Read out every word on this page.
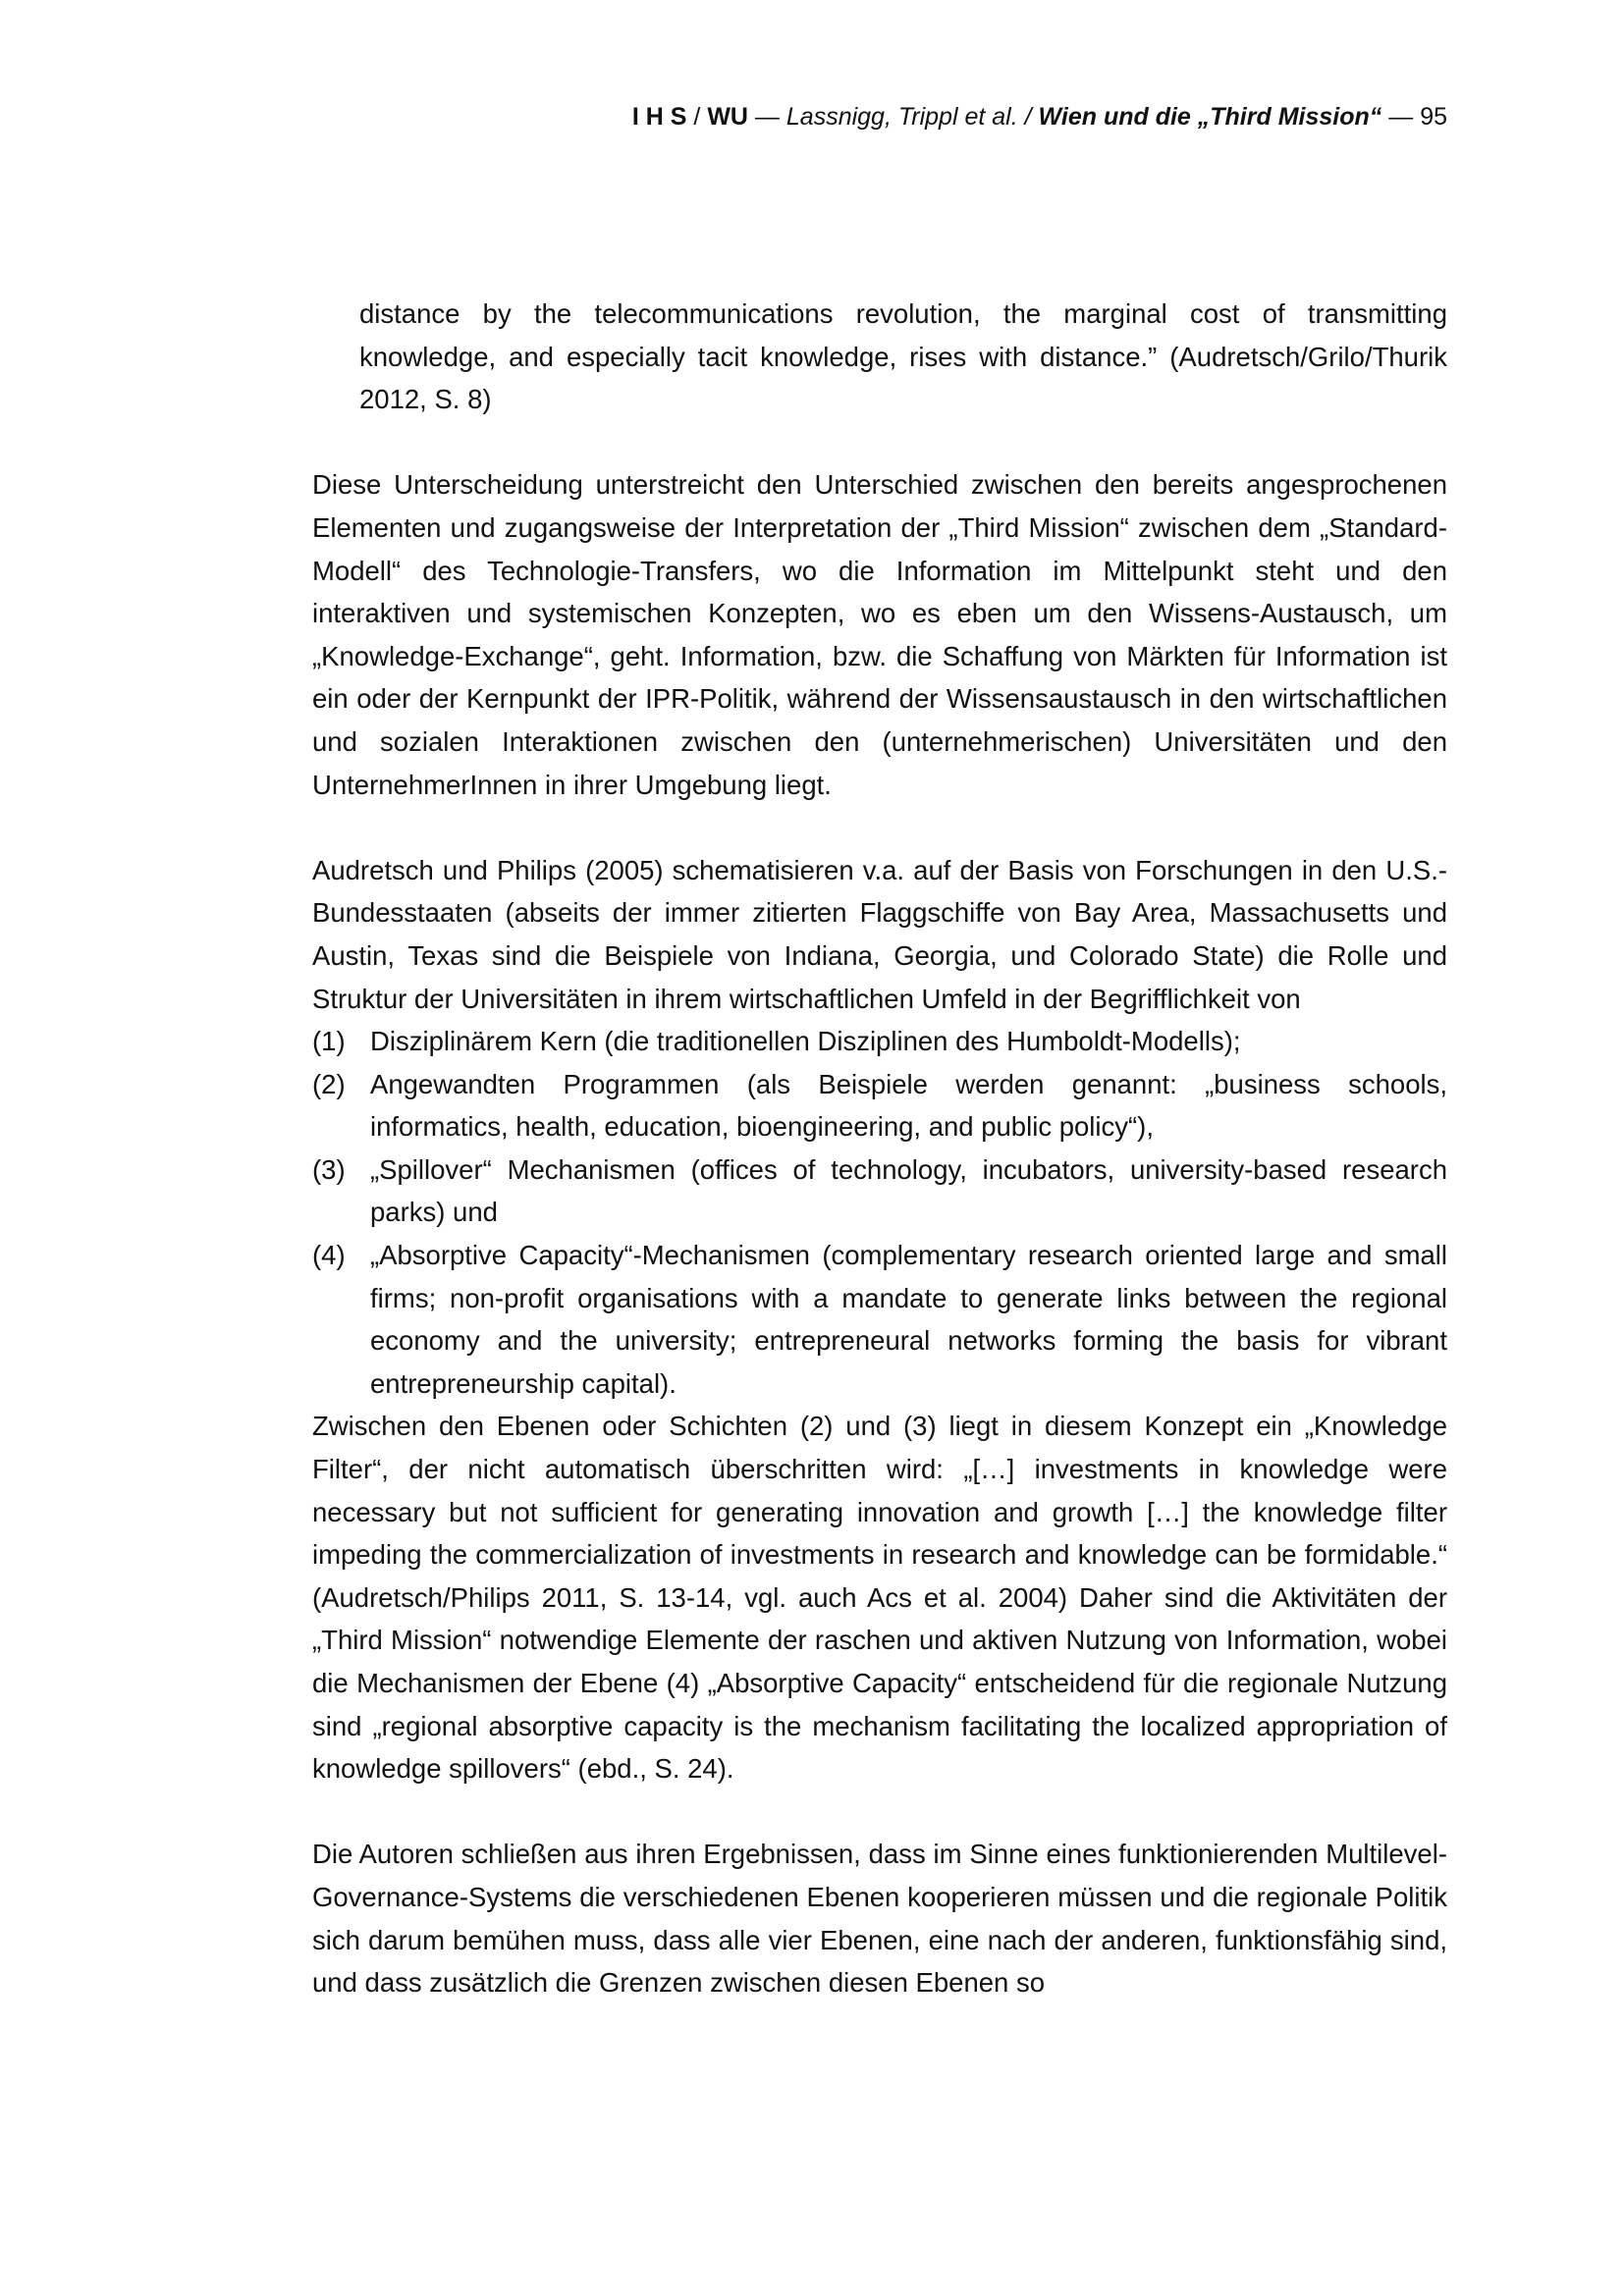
I H S / WU — Lassnigg, Trippl et al. / Wien und die „Third Mission“ — 95

distance by the telecommunications revolution, the marginal cost of transmitting knowledge, and especially tacit knowledge, rises with distance.” (Audretsch/Grilo/Thurik 2012, S. 8)

Diese Unterscheidung unterstreicht den Unterschied zwischen den bereits angesprochenen Elementen und zugangsweise der Interpretation der „Third Mission“ zwischen dem „Standard-Modell“ des Technologie-Transfers, wo die Information im Mittelpunkt steht und den interaktiven und systemischen Konzepten, wo es eben um den Wissens-Austausch, um „Knowledge-Exchange“, geht. Information, bzw. die Schaffung von Märkten für Information ist ein oder der Kernpunkt der IPR-Politik, während der Wissensaustausch in den wirtschaftlichen und sozialen Interaktionen zwischen den (unternehmerischen) Universitäten und den UnternehmerInnen in ihrer Umgebung liegt.

Audretsch und Philips (2005) schematisieren v.a. auf der Basis von Forschungen in den U.S.-Bundesstaaten (abseits der immer zitierten Flaggschiffe von Bay Area, Massachusetts und Austin, Texas sind die Beispiele von Indiana, Georgia, und Colorado State) die Rolle und Struktur der Universitäten in ihrem wirtschaftlichen Umfeld in der Begrifflichkeit von

(1) Disziplinärem Kern (die traditionellen Disziplinen des Humboldt-Modells);
(2) Angewandten Programmen (als Beispiele werden genannt: „business schools, informatics, health, education, bioengineering, and public policy“),
(3) „Spillover“ Mechanismen (offices of technology, incubators, university-based research parks) und
(4) „Absorptive Capacity“-Mechanismen (complementary research oriented large and small firms; non-profit organisations with a mandate to generate links between the regional economy and the university; entrepreneural networks forming the basis for vibrant entrepreneurship capital).

Zwischen den Ebenen oder Schichten (2) und (3) liegt in diesem Konzept ein „Knowledge Filter“, der nicht automatisch überschritten wird: „[…] investments in knowledge were necessary but not sufficient for generating innovation and growth […] the knowledge filter impeding the commercialization of investments in research and knowledge can be formidable.“ (Audretsch/Philips 2011, S. 13-14, vgl. auch Acs et al. 2004) Daher sind die Aktivitäten der „Third Mission“ notwendige Elemente der raschen und aktiven Nutzung von Information, wobei die Mechanismen der Ebene (4) „Absorptive Capacity“ entscheidend für die regionale Nutzung sind „regional absorptive capacity is the mechanism facilitating the localized appropriation of knowledge spillovers“ (ebd., S. 24).

Die Autoren schließen aus ihren Ergebnissen, dass im Sinne eines funktionierenden Multilevel-Governance-Systems die verschiedenen Ebenen kooperieren müssen und die regionale Politik sich darum bemühen muss, dass alle vier Ebenen, eine nach der anderen, funktionsfähig sind, und dass zusätzlich die Grenzen zwischen diesen Ebenen so
